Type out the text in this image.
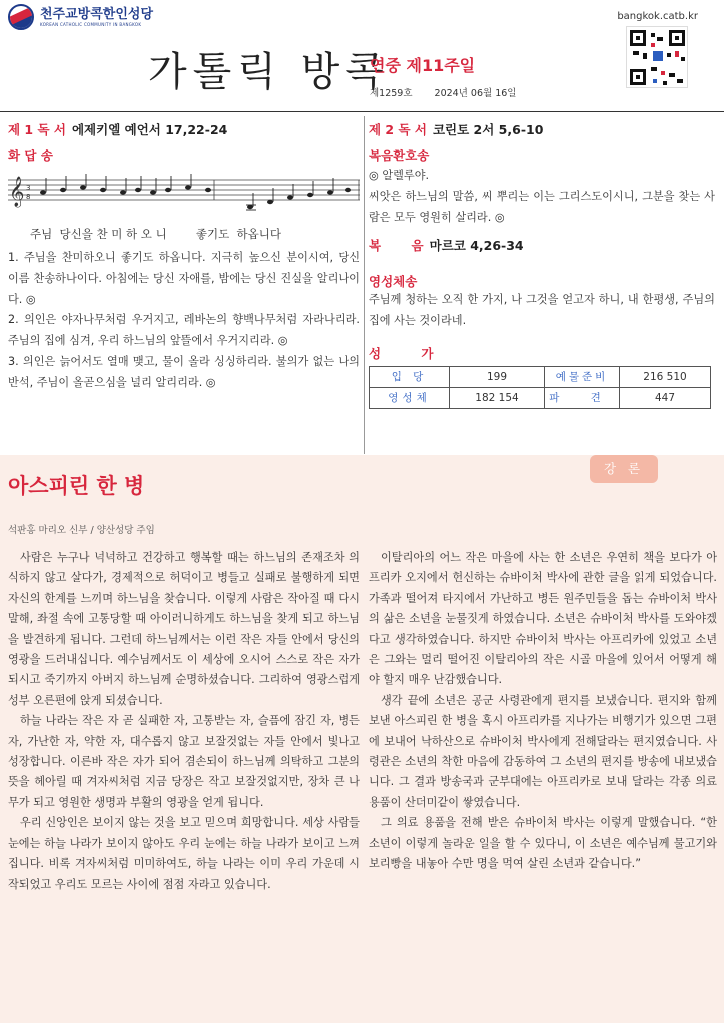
천주교방콕한인성당
KOREAN CATHOLIC COMMUNITY IN BANGKOK
bangkok.catb.kr
가톨릭 방콕
연중 제11주일
제1259호 2024년 06월 16일
제 1 독 서 에제키엘 예언서 17,22-24
화 답 송
𝄞 3
8
주님  당신을 찬 미 하 오 니        좋기도  하옵니다
1. 주님을 찬미하오니 좋기도 하옵니다. 지극히 높으신 분이시여, 당신 이름 찬송하나이다. 아침에는 당신 자애를, 밤에는 당신 진실을 알리나이다. ◎
2. 의인은 야자나무처럼 우거지고, 레바논의 향백나무처럼 자라나리라. 주님의 집에 심겨, 우리 하느님의 앞뜰에서 우거지리라. ◎
3. 의인은 늙어서도 열매 맺고, 물이 올라 싱싱하리라. 불의가 없는 나의 반석, 주님이 올곧으심을 널리 알리리라. ◎
제 2 독 서 코린토 2서 5,6-10
복음환호송
◎ 알렐루야.
씨앗은 하느님의 말씀, 씨 뿌리는 이는 그리스도이시니, 그분을 찾는 사람은 모두 영원히 살리라. ◎
복       음 마르코 4,26-34
영성체송
주님께 청하는 오직 한 가지, 나 그것을 얻고자 하니, 내 한평생, 주님의 집에 사는 것이라네.
성 가
입 당	199	예물준비	216 510
영성체	182 154	파 견	447
강 론
아스피린 한 병
석판홍 마리오 신부 / 양산성당 주임

사람은 누구나 넉넉하고 건강하고 행복할 때는 하느님의 존재조차 의식하지 않고 살다가, 경제적으로 허덕이고 병들고 실패로 불행하게 되면 자신의 한계를 느끼며 하느님을 찾습니다. 이렇게 사람은 작아질 때 다시 말해, 좌절 속에 고통당할 때 아이러니하게도 하느님을 찾게 되고 하느님을 발견하게 됩니다. 그런데 하느님께서는 이런 작은 자들 안에서 당신의 영광을 드러내십니다. 예수님께서도 이 세상에 오시어 스스로 작은 자가 되시고 죽기까지 아버지 하느님께 순명하셨습니다. 그리하여 영광스럽게 성부 오른편에 앉게 되셨습니다.

하늘 나라는 작은 자 곧 실패한 자, 고통받는 자, 슬픔에 잠긴 자, 병든 자, 가난한 자, 약한 자, 대수롭지 않고 보잘것없는 자들 안에서 빛나고 성장합니다. 이른바 작은 자가 되어 겸손되이 하느님께 의탁하고 그분의 뜻을 헤아릴 때 겨자씨처럼 지금 당장은 작고 보잘것없지만, 장차 큰 나무가 되고 영원한 생명과 부활의 영광을 얻게 됩니다.

우리 신앙인은 보이지 않는 것을 보고 믿으며 희망합니다. 세상 사람들 눈에는 하늘 나라가 보이지 않아도 우리 눈에는 하늘 나라가 보이고 느껴집니다. 비록 겨자씨처럼 미미하여도, 하늘 나라는 이미 우리 가운데 시작되었고 우리도 모르는 사이에 점점 자라고 있습니다.

이탈리아의 어느 작은 마을에 사는 한 소년은 우연히 책을 보다가 아프리카 오지에서 헌신하는 슈바이처 박사에 관한 글을 읽게 되었습니다. 가족과 떨어져 타지에서 가난하고 병든 원주민들을 돕는 슈바이처 박사의 삶은 소년을 눈물짓게 하였습니다. 소년은 슈바이처 박사를 도와야겠다고 생각하였습니다. 하지만 슈바이처 박사는 아프리카에 있었고 소년은 그와는 멀리 떨어진 이탈리아의 작은 시골 마을에 있어서 어떻게 해야 할지 매우 난감했습니다.

생각 끝에 소년은 공군 사령관에게 편지를 보냈습니다. 편지와 함께 보낸 아스피린 한 병을 혹시 아프리카를 지나가는 비행기가 있으면 그편에 보내어 낙하산으로 슈바이처 박사에게 전해달라는 편지였습니다. 사령관은 소년의 착한 마음에 감동하여 그 소년의 편지를 방송에 내보냈습니다. 그 결과 방송국과 군부대에는 아프리카로 보내 달라는 각종 의료용품이 산더미같이 쌓였습니다.

그 의료 용품을 전해 받은 슈바이처 박사는 이렇게 말했습니다. “한 소년이 이렇게 놀라운 일을 할 수 있다니, 이 소년은 예수님께 물고기와 보리빵을 내놓아 수만 명을 먹여 살린 소년과 같습니다.”
